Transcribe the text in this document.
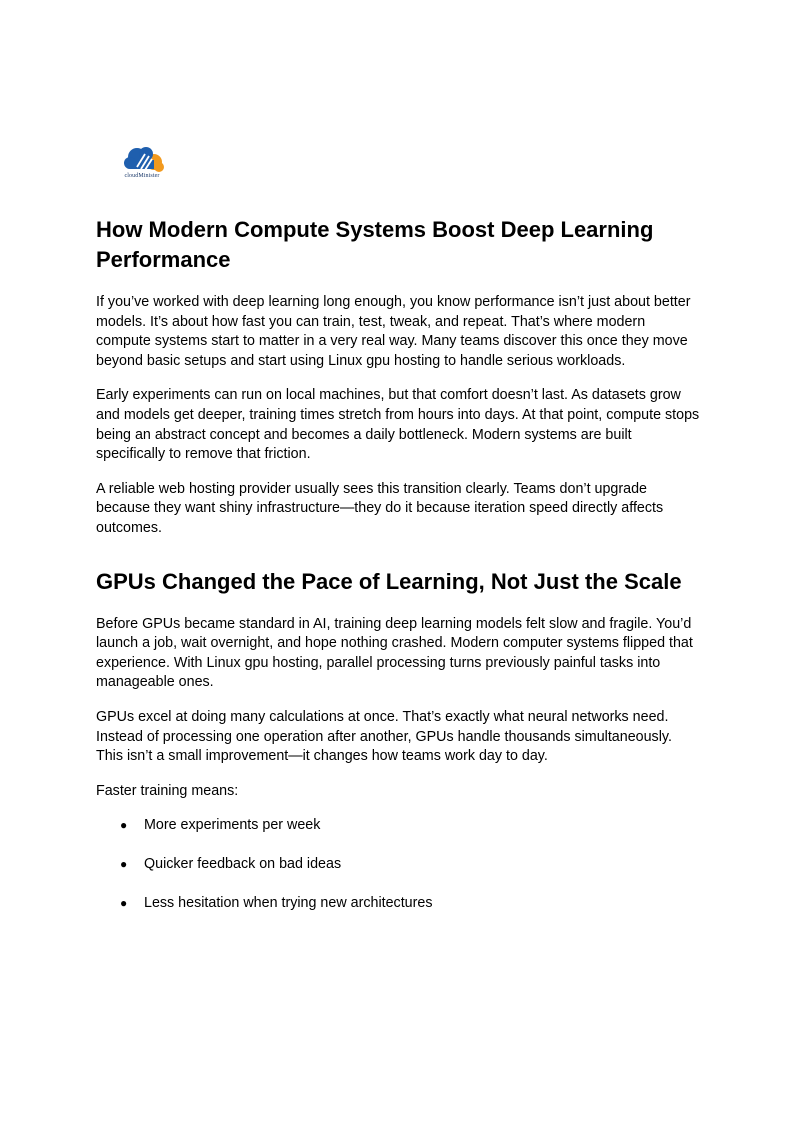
cloudMinister
How Modern Compute Systems Boost Deep Learning Performance

If you’ve worked with deep learning long enough, you know performance isn’t just about better models. It’s about how fast you can train, test, tweak, and repeat. That’s where modern compute systems start to matter in a very real way. Many teams discover this once they move beyond basic setups and start using Linux gpu hosting to handle serious workloads.

Early experiments can run on local machines, but that comfort doesn’t last. As datasets grow and models get deeper, training times stretch from hours into days. At that point, compute stops being an abstract concept and becomes a daily bottleneck. Modern systems are built specifically to remove that friction.

A reliable web hosting provider usually sees this transition clearly. Teams don’t upgrade because they want shiny infrastructure—they do it because iteration speed directly affects outcomes.

GPUs Changed the Pace of Learning, Not Just the Scale

Before GPUs became standard in AI, training deep learning models felt slow and fragile. You’d launch a job, wait overnight, and hope nothing crashed. Modern computer systems flipped that experience. With Linux gpu hosting, parallel processing turns previously painful tasks into manageable ones.

GPUs excel at doing many calculations at once. That’s exactly what neural networks need. Instead of processing one operation after another, GPUs handle thousands simultaneously. This isn’t a small improvement—it changes how teams work day to day.

Faster training means:

● More experiments per week
● Quicker feedback on bad ideas
● Less hesitation when trying new architectures
